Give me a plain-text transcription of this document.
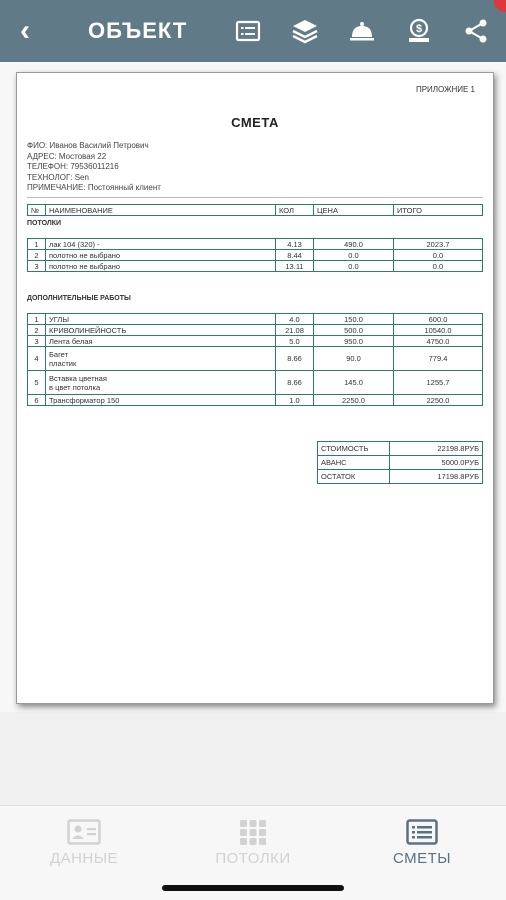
‹	ОБЪЕКТ	$
ПРИЛОЖНИЕ 1
СМЕТА
ФИО: Иванов Василий Петрович
АДРЕС: Мостовая 22
ТЕЛЕФОН: 79536011216
ТЕХНОЛОГ: Sen
ПРИМЕЧАНИЕ: Постоянный клиент
№	НАИМЕНОВАНИЕ	КОЛ	ЦЕНА	ИТОГО
ПОТОЛКИ
1	лак 104 (320) -	4.13	490.0	2023.7
2	полотно не выбрано	8.44	0.0	0.0
3	полотно не выбрано	13.11	0.0	0.0
ДОПОЛНИТЕЛЬНЫЕ РАБОТЫ
1	УГЛЫ	4.0	150.0	600.0
2	КРИВОЛИНЕЙНОСТЬ	21.08	500.0	10540.0
3	Лента белая	5.0	950.0	4750.0
4	Багет
пластик	8.66	90.0	779.4
5	Вставка цветная
в цвет потолка	8.66	145.0	1255.7
6	Трансформатор 150	1.0	2250.0	2250.0
СТОИМОСТЬ	22198.8РУБ
АВАНС	5000.0РУБ
ОСТАТОК	17198.8РУБ
ДАННЫЕ	ПОТОЛКИ	СМЕТЫ
